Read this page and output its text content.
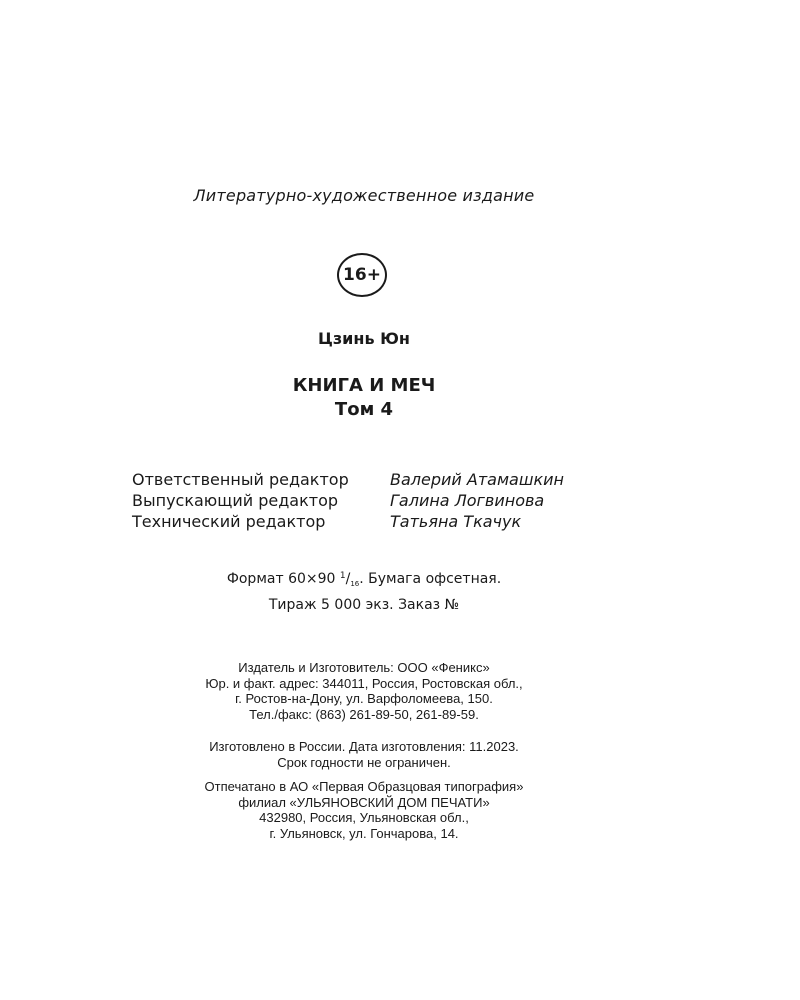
Литературно-художественное издание
16+
Цзинь Юн
КНИГА И МЕЧ
Том 4
Ответственный редактор	Валерий Атамашкин
Выпускающий редактор	Галина Логвинова
Технический редактор	Татьяна Ткачук
Формат 60×90 $^1/_{16}$. Бумага офсетная.
Тираж 5 000 экз. Заказ №
Издатель и Изготовитель: ООО «Феникс»
Юр. и факт. адрес: 344011, Россия, Ростовская обл.,
г. Ростов-на-Дону, ул. Варфоломеева, 150.
Тел./факс: (863) 261-89-50, 261-89-59.
Изготовлено в России. Дата изготовления: 11.2023.
Срок годности не ограничен.
Отпечатано в АО «Первая Образцовая типография»
филиал «УЛЬЯНОВСКИЙ ДОМ ПЕЧАТИ»
432980, Россия, Ульяновская обл.,
г. Ульяновск, ул. Гончарова, 14.
